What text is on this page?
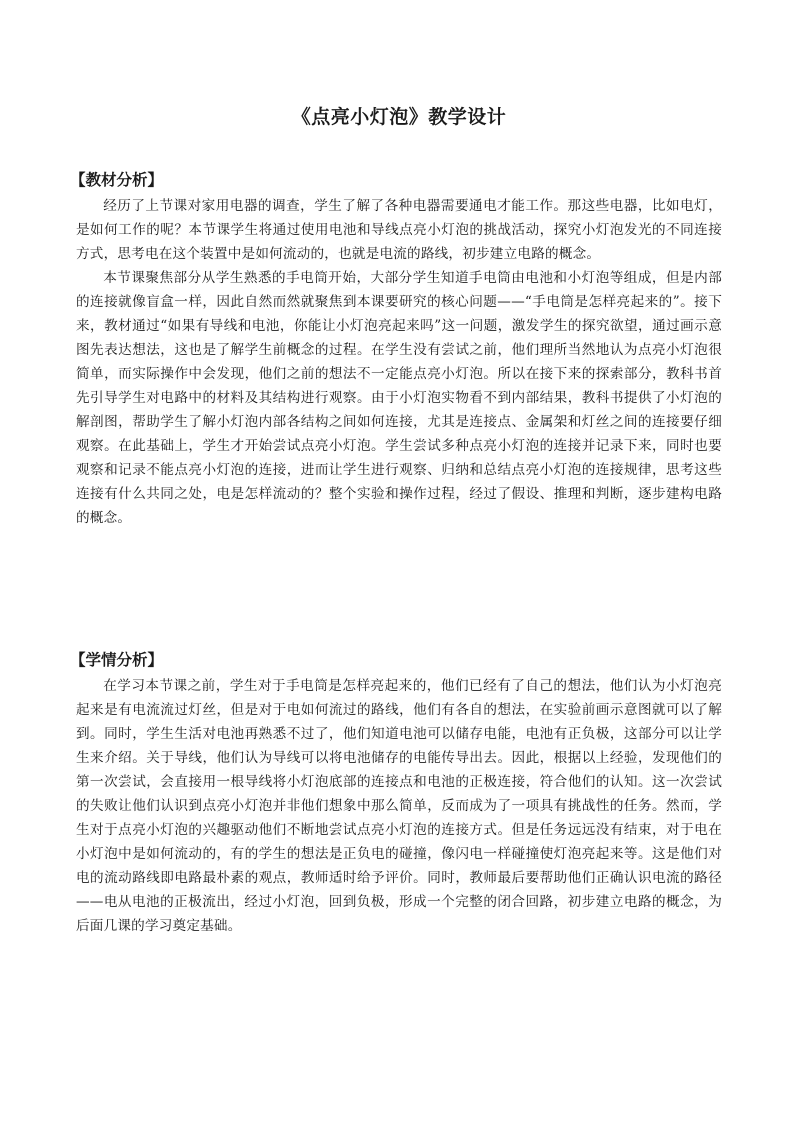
《点亮小灯泡》教学设计
【教材分析】

经历了上节课对家用电器的调查，学生了解了各种电器需要通电才能工作。那这些电器，比如电灯，是如何工作的呢？本节课学生将通过使用电池和导线点亮小灯泡的挑战活动，探究小灯泡发光的不同连接方式，思考电在这个装置中是如何流动的，也就是电流的路线，初步建立电路的概念。

本节课聚焦部分从学生熟悉的手电筒开始，大部分学生知道手电筒由电池和小灯泡等组成，但是内部的连接就像盲盒一样，因此自然而然就聚焦到本课要研究的核心问题——“手电筒是怎样亮起来的”。接下来，教材通过“如果有导线和电池，你能让小灯泡亮起来吗”这一问题，激发学生的探究欲望，通过画示意图先表达想法，这也是了解学生前概念的过程。在学生没有尝试之前，他们理所当然地认为点亮小灯泡很简单，而实际操作中会发现，他们之前的想法不一定能点亮小灯泡。所以在接下来的探索部分，教科书首先引导学生对电路中的材料及其结构进行观察。由于小灯泡实物看不到内部结果，教科书提供了小灯泡的解剖图，帮助学生了解小灯泡内部各结构之间如何连接，尤其是连接点、金属架和灯丝之间的连接要仔细观察。在此基础上，学生才开始尝试点亮小灯泡。学生尝试多种点亮小灯泡的连接并记录下来，同时也要观察和记录不能点亮小灯泡的连接，进而让学生进行观察、归纳和总结点亮小灯泡的连接规律，思考这些连接有什么共同之处，电是怎样流动的？整个实验和操作过程，经过了假设、推理和判断，逐步建构电路的概念。

【学情分析】

在学习本节课之前，学生对于手电筒是怎样亮起来的，他们已经有了自己的想法，他们认为小灯泡亮起来是有电流流过灯丝，但是对于电如何流过的路线，他们有各自的想法，在实验前画示意图就可以了解到。同时，学生生活对电池再熟悉不过了，他们知道电池可以储存电能，电池有正负极，这部分可以让学生来介绍。关于导线，他们认为导线可以将电池储存的电能传导出去。因此，根据以上经验，发现他们的第一次尝试，会直接用一根导线将小灯泡底部的连接点和电池的正极连接，符合他们的认知。这一次尝试的失败让他们认识到点亮小灯泡并非他们想象中那么简单，反而成为了一项具有挑战性的任务。然而，学生对于点亮小灯泡的兴趣驱动他们不断地尝试点亮小灯泡的连接方式。但是任务远远没有结束，对于电在小灯泡中是如何流动的，有的学生的想法是正负电的碰撞，像闪电一样碰撞使灯泡亮起来等。这是他们对电的流动路线即电路最朴素的观点，教师适时给予评价。同时，教师最后要帮助他们正确认识电流的路径——电从电池的正极流出，经过小灯泡，回到负极，形成一个完整的闭合回路，初步建立电路的概念，为后面几课的学习奠定基础。
